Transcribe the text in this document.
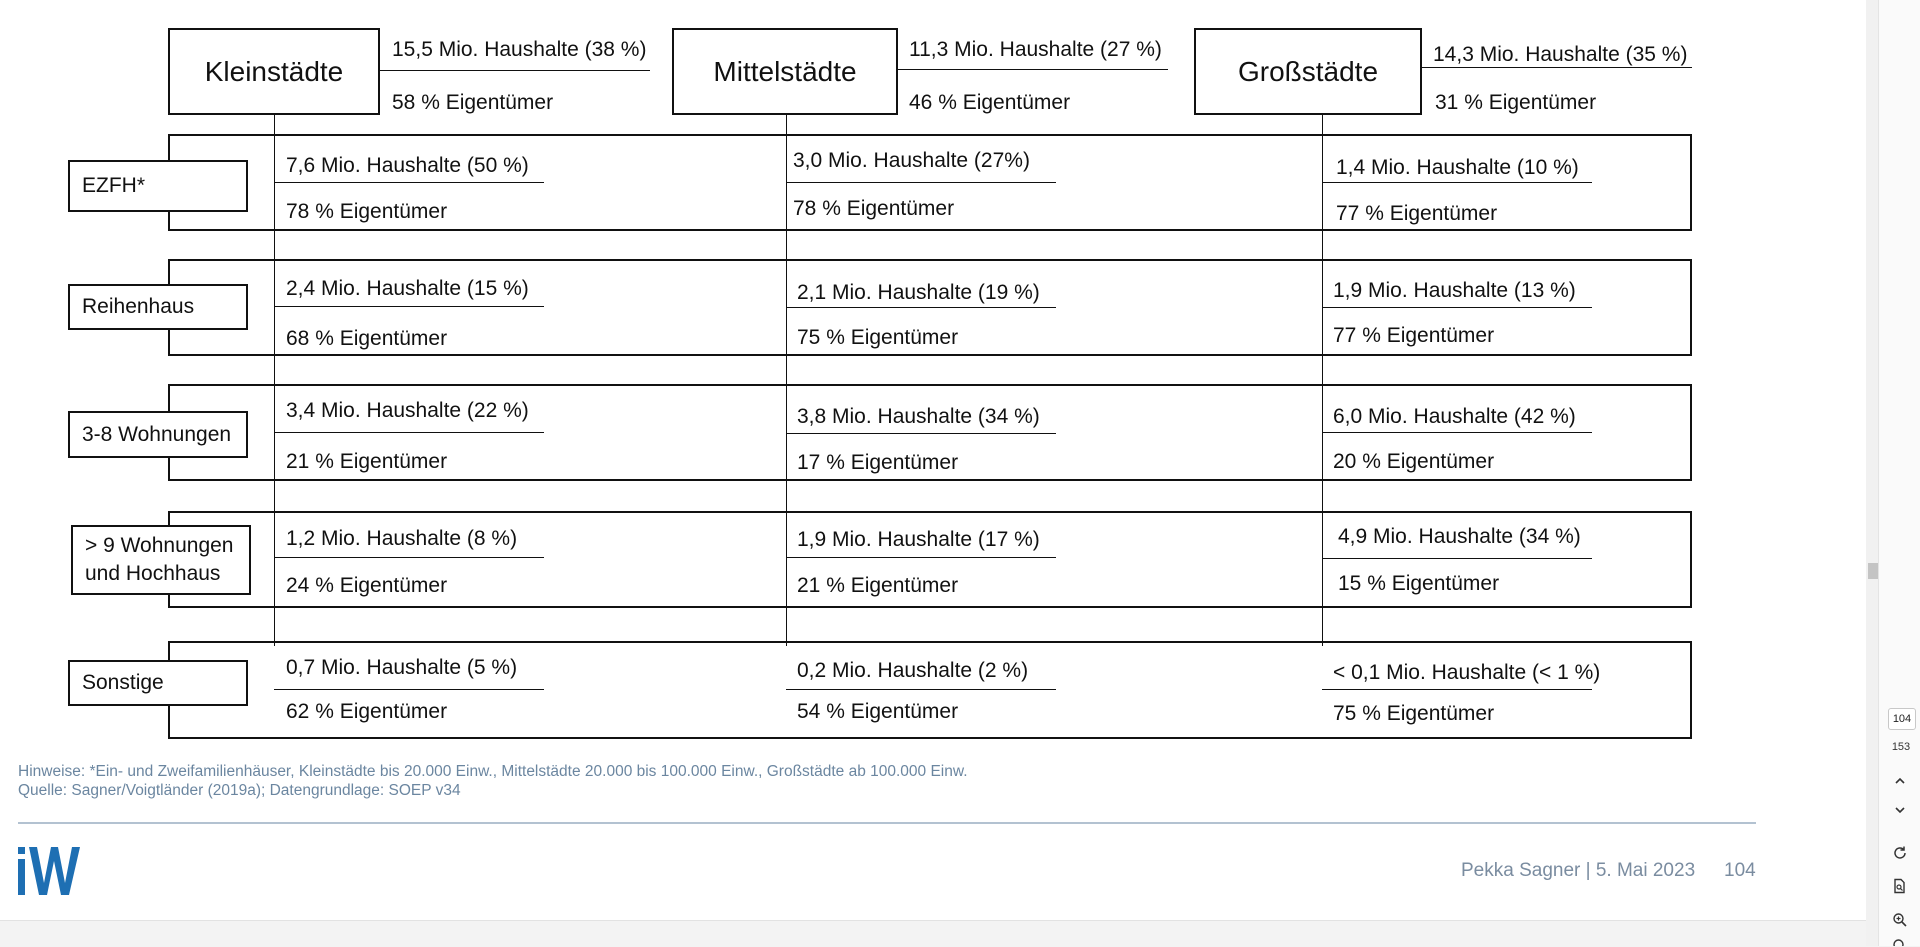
Kleinstädte	Mittelstädte	Großstädte
15,5 Mio. Haushalte (38 %)
58 % Eigentümer
11,3 Mio. Haushalte (27 %)
46 % Eigentümer
14,3 Mio. Haushalte (35 %)
31 % Eigentümer
EZFH*
Reihenhaus
3-8 Wohnungen
> 9 Wohnungen
und Hochhaus
Sonstige
7,6 Mio. Haushalte (50 %)
78 % Eigentümer
3,0 Mio. Haushalte (27%)
78 % Eigentümer
1,4 Mio. Haushalte (10 %)
77 % Eigentümer
2,4 Mio. Haushalte (15 %)
68 % Eigentümer
2,1 Mio. Haushalte (19 %)
75 % Eigentümer
1,9 Mio. Haushalte (13 %)
77 % Eigentümer
3,4 Mio. Haushalte (22 %)
21 % Eigentümer
3,8 Mio. Haushalte (34 %)
17 % Eigentümer
6,0 Mio. Haushalte (42 %)
20 % Eigentümer
1,2 Mio. Haushalte (8 %)
24 % Eigentümer
1,9 Mio. Haushalte (17 %)
21 % Eigentümer
4,9 Mio. Haushalte (34 %)
15 % Eigentümer
0,7 Mio. Haushalte (5 %)
62 % Eigentümer
0,2 Mio. Haushalte (2 %)
54 % Eigentümer
< 0,1 Mio. Haushalte (< 1 %)
75 % Eigentümer
Hinweise: *Ein- und Zweifamilienhäuser, Kleinstädte bis 20.000 Einw., Mittelstädte 20.000 bis 100.000 Einw., Großstädte ab 100.000 Einw.
Quelle: Sagner/Voigtländer (2019a); Datengrundlage: SOEP v34
Pekka Sagner | 5. Mai 2023 104
104
153
